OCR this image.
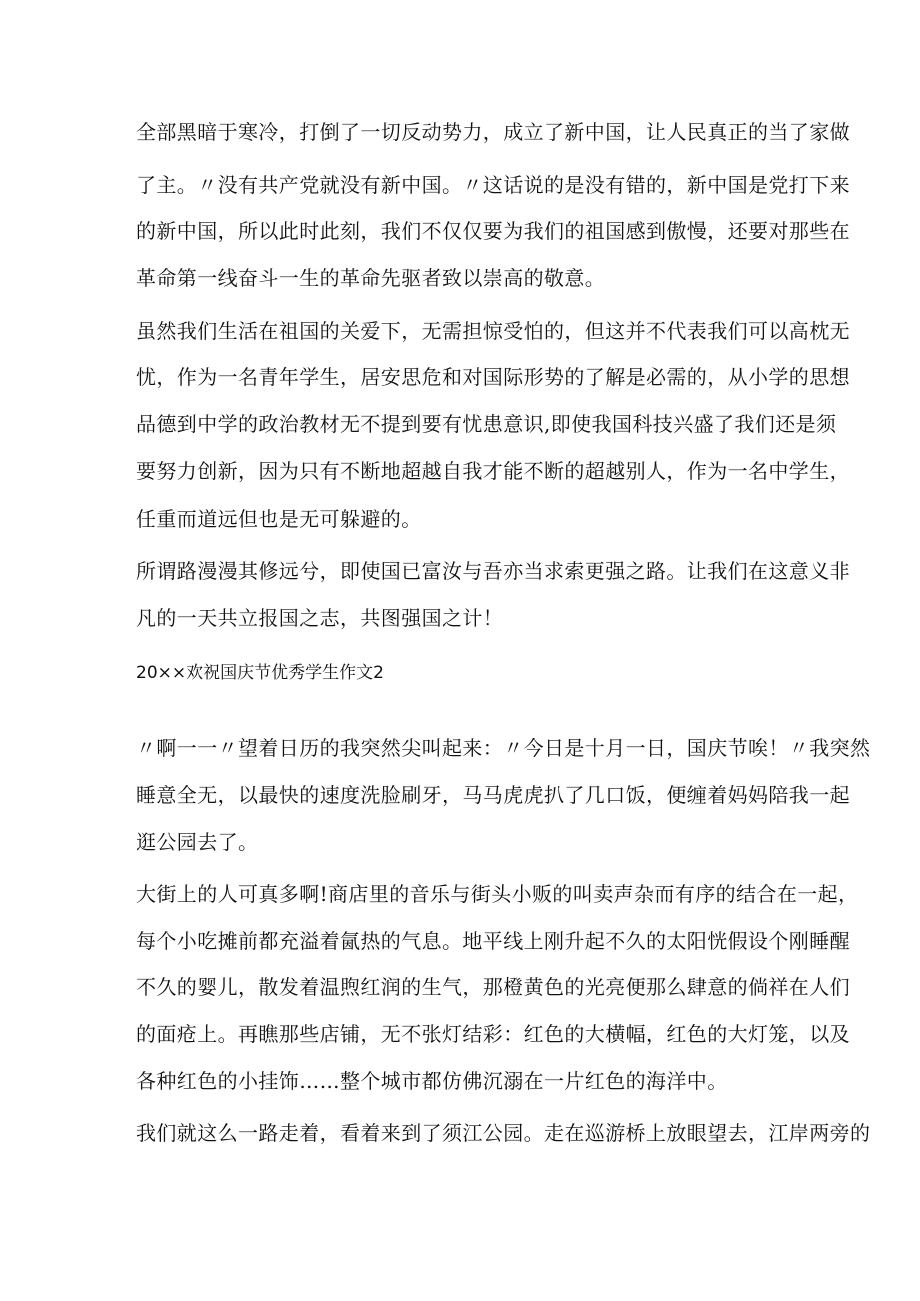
全部黑暗于寒冷，打倒了一切反动势力，成立了新中国，让人民真正的当了家做
了主。〃没有共产党就没有新中国。〃这话说的是没有错的，新中国是党打下来
的新中国，所以此时此刻，我们不仅仅要为我们的祖国感到傲慢，还要对那些在
革命第一线奋斗一生的革命先驱者致以崇高的敬意。
虽然我们生活在祖国的关爱下，无需担惊受怕的，但这并不代表我们可以高枕无
忧，作为一名青年学生，居安思危和对国际形势的了解是必需的，从小学的思想
品德到中学的政治教材无不提到要有忧患意识,即使我国科技兴盛了我们还是须
要努力创新，因为只有不断地超越自我才能不断的超越别人，作为一名中学生，
任重而道远但也是无可躲避的。
所谓路漫漫其修远兮，即使国已富汝与吾亦当求索更强之路。让我们在这意义非
凡的一天共立报国之志，共图强国之计！
20××欢祝国庆节优秀学生作文2
〃啊一一〃望着日历的我突然尖叫起来：〃今日是十月一日，国庆节唉！〃我突然
睡意全无，以最快的速度洗脸刷牙，马马虎虎扒了几口饭，便缠着妈妈陪我一起
逛公园去了。
大街上的人可真多啊!商店里的音乐与街头小贩的叫卖声杂而有序的结合在一起，
每个小吃摊前都充溢着氤热的气息。地平线上刚升起不久的太阳恍假设个刚睡醒
不久的婴儿，散发着温煦红润的生气，那橙黄色的光亮便那么肆意的倘祥在人们
的面疮上。再瞧那些店铺，无不张灯结彩：红色的大横幅，红色的大灯笼，以及
各种红色的小挂饰……整个城市都仿佛沉溺在一片红色的海洋中。
我们就这么一路走着，看着来到了须江公园。走在巡游桥上放眼望去，江岸两旁的
